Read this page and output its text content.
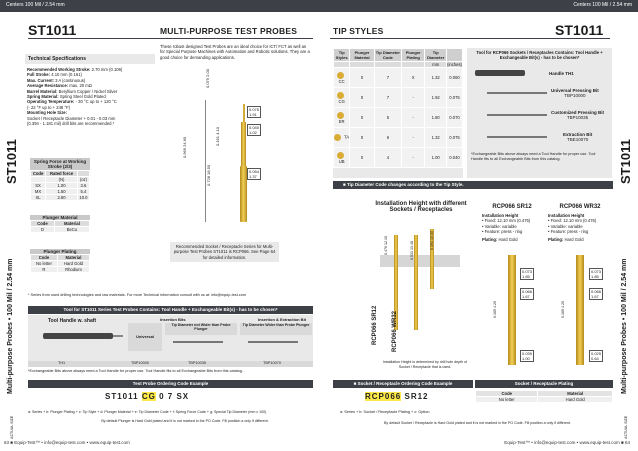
Centers 100 Mil / 2.54 mm	Centers 100 Mil / 2.54 mm
ST1011	MULTI-PURPOSE TEST PROBES
ST1011
Multi-purpose Probes • 100 Mil / 2.54 mm
ACTUAL SIZE
Technical Specifications
Recommended Working Stroke: 2.70 mm (0.106)
Full Stroke: 4.10 mm (0.161)
Max. Current: 3 A (continuous)
Average Resistance: max. 20 mΩ
Barrel Material: Beryllium Copper / Nickel Silver
Spring Material: Spring Steel Gold Plated
Operating Temperature: - 30 °C up to + 120 °C
(- 22 °F up to + 248 °F)
Mounting Hole Size:
Socket / Receptacle Diameter + 0.01 - 0.03 mm
(0.394 - 1.181 mil) drill bits are recommended.*
These robust designed Test Probes are an ideal choice for ICT/ FCT as well as for Special Purpose Machines with Automation and Robotic solutions. They are a good choice for demanding applications.
Spring Force at Working Stroke (2/3)
Code	Rated force	
	(N)	(oz)
SX	1.00	3.6
MX	1.50	5.4
XL	2.80	10.0
Plunger Material
Code	Material
D	BeCu
Plunger Plating
Code	Material
No letter	Hard Gold
R	Rhodium
0.079 2.00
0.161 4.10
0.075
1.91
0.040
1.02
0.969 24.60
0.728 18.50	0.054
1.37
Recommended Socket / Receptacle Series for Multi-purpose Test Probes ST1011 is RCP066. See Page 64 for detailed information.
* Series from used drilling technologies and raw materials. For more Technical information consult with us at: info@equip-test.com
Tool for ST1011 Series Test Probes Contains: Tool Handle + Exchangeable Bit(s) - has to be chosen*
Tool Handle w. shaft	Insertion Bits	Insertion & Extraction Bit
Universal
Tip Diameter not Wider than Probe Plunger
Tip Diameter Wider than Probe Plunger
TH1	TBP10000	TBP10035	TBP10070
*Exchangeable Bits above always need a Tool Handle for proper use. Tool Handle fits to all Exchangeable Bits from this catalog.
Test Probe Ordering Code Example
ST1011 CG 0 7 SX
a: Series + b: Plunger Plating + c: Tip Style + d: Plunger Material + e: Tip Diameter Code + f: Spring Force Code + g: Special Tip Diameter (mm x 100)
By default Plunger is Hard Gold plated and it is not marked in the PO Code. Fill position a only if different.
63 ■ Equip-Test™ • info@equip-test.com • www.equip-test.com
TIP STYLES	ST1011
ST1011
Multi-purpose Probes • 100 Mil / 2.54 mm
ACTUAL SIZE
Tip Styles	Plunger Material	Tip Diameter Code	Plunger Plating	Tip Diameter	
				mm	(inches)
CC	0	7	X	1.32	0.060
CG	0	7	-	1.92	0.075
ER	0	5	-	1.80	0.070
TA	0	6	-	1.32	0.075
UB	0	4	-	1.00	0.040
■ Tip Diameter Code changes according to the Tip Style.
Tool for RCP066 Sockets / Receptacles Contains: Tool Handle + Exchangeable Bit(s) - has to be chosen*
Handle TH1
Universal Pressing Bit
TBP10000
Customized Pressing Bit
TBP10035
Extraction Bit
TBE10070
*Exchangeable Bits above always need a Tool Handle for proper use. Tool Handle fits to all Exchangeable Bits from this catalog.
Installation Height with different Sockets / Receptacles
RCP066 SR12 RCP066 WR32
0.476 12.10
0.531 13.48	0.394 10.00
Installation Height is determined by drill hole depth of Socket / Receptacle that is used.
RCP066 SR12
Installation Height
• Fixed: 12.10 mm (0.476)
• Variable: variable
• Feature: press - ring
Plating: Hard Gold
0.073
1.85
0.066
1.67
0.165 4.20
0.039
1.00
RCP066 WR32
Installation Height
• Fixed: 12.10 mm (0.476)
• Variable: variable
• Feature: press - ring
Plating: Hard Gold
0.073
1.85
0.066
1.67
0.165 4.20
0.025
0.64
■ Socket / Receptacle Ordering Code Example	Socket / Receptacle Plating
RCP066 SR12
a: Series + b: Socket / Receptacle Plating + c: Option
Code	Material
No letter	Hard Gold
By default Socket / Receptacle is Hard Gold plated and it is not marked in the PO Code. Fill position a only if different.
Equip-Test™ • info@equip-test.com • www.equip-test.com ■ 64
